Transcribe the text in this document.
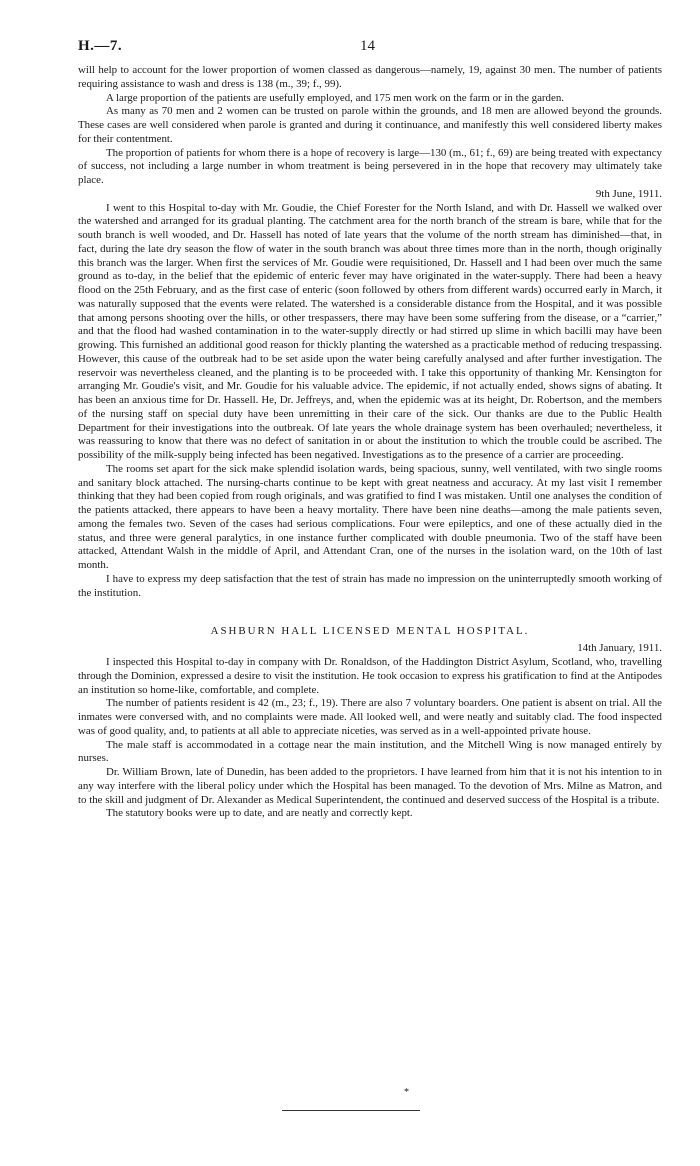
H.—7.	14

will help to account for the lower proportion of women classed as dangerous—namely, 19, against 30 men. The number of patients requiring assistance to wash and dress is 138 (m., 39; f., 99).

A large proportion of the patients are usefully employed, and 175 men work on the farm or in the garden.

As many as 70 men and 2 women can be trusted on parole within the grounds, and 18 men are allowed beyond the grounds. These cases are well considered when parole is granted and during it continuance, and manifestly this well considered liberty makes for their contentment.

The proportion of patients for whom there is a hope of recovery is large—130 (m., 61; f., 69) are being treated with expectancy of success, not including a large number in whom treatment is being persevered in in the hope that recovery may ultimately take place.

9th June, 1911.

I went to this Hospital to-day with Mr. Goudie, the Chief Forester for the North Island, and with Dr. Hassell we walked over the watershed and arranged for its gradual planting. The catchment area for the north branch of the stream is bare, while that for the south branch is well wooded, and Dr. Hassell has noted of late years that the volume of the north stream has diminished—that, in fact, during the late dry season the flow of water in the south branch was about three times more than in the north, though originally this branch was the larger. When first the services of Mr. Goudie were requisitioned, Dr. Hassell and I had been over much the same ground as to-day, in the belief that the epidemic of enteric fever may have originated in the water-supply. There had been a heavy flood on the 25th February, and as the first case of enteric (soon followed by others from different wards) occurred early in March, it was naturally supposed that the events were related. The watershed is a considerable distance from the Hospital, and it was possible that among persons shooting over the hills, or other trespassers, there may have been some suffering from the disease, or a “carrier,” and that the flood had washed contamination in to the water-supply directly or had stirred up slime in which bacilli may have been growing. This furnished an additional good reason for thickly planting the watershed as a practicable method of reducing trespassing. However, this cause of the outbreak had to be set aside upon the water being carefully analysed and after further investigation. The reservoir was nevertheless cleaned, and the planting is to be proceeded with. I take this opportunity of thanking Mr. Kensington for arranging Mr. Goudie's visit, and Mr. Goudie for his valuable advice. The epidemic, if not actually ended, shows signs of abating. It has been an anxious time for Dr. Hassell. He, Dr. Jeffreys, and, when the epidemic was at its height, Dr. Robertson, and the members of the nursing staff on special duty have been unremitting in their care of the sick. Our thanks are due to the Public Health Department for their investigations into the outbreak. Of late years the whole drainage system has been overhauled; nevertheless, it was reassuring to know that there was no defect of sanitation in or about the institution to which the trouble could be ascribed. The possibility of the milk-supply being infected has been negatived. Investigations as to the presence of a carrier are proceeding.

The rooms set apart for the sick make splendid isolation wards, being spacious, sunny, well ventilated, with two single rooms and sanitary block attached. The nursing-charts continue to be kept with great neatness and accuracy. At my last visit I remember thinking that they had been copied from rough originals, and was gratified to find I was mistaken. Until one analyses the condition of the patients attacked, there appears to have been a heavy mortality. There have been nine deaths—among the male patients seven, among the females two. Seven of the cases had serious complications. Four were epileptics, and one of these actually died in the status, and three were general paralytics, in one instance further complicated with double pneumonia. Two of the staff have been attacked, Attendant Walsh in the middle of April, and Attendant Cran, one of the nurses in the isolation ward, on the 10th of last month.

I have to express my deep satisfaction that the test of strain has made no impression on the uninterruptedly smooth working of the institution.

ASHBURN HALL LICENSED MENTAL HOSPITAL.
14th January, 1911.

I inspected this Hospital to-day in company with Dr. Ronaldson, of the Haddington District Asylum, Scotland, who, travelling through the Dominion, expressed a desire to visit the institution. He took occasion to express his gratification to find at the Antipodes an institution so home-like, comfortable, and complete.

The number of patients resident is 42 (m., 23; f., 19). There are also 7 voluntary boarders. One patient is absent on trial. All the inmates were conversed with, and no complaints were made. All looked well, and were neatly and suitably clad. The food inspected was of good quality, and, to patients at all able to appreciate niceties, was served as in a well-appointed private house.

The male staff is accommodated in a cottage near the main institution, and the Mitchell Wing is now managed entirely by nurses.

Dr. William Brown, late of Dunedin, has been added to the proprietors. I have learned from him that it is not his intention to in any way interfere with the liberal policy under which the Hospital has been managed. To the devotion of Mrs. Milne as Matron, and to the skill and judgment of Dr. Alexander as Medical Superintendent, the continued and deserved success of the Hospital is a tribute.

The statutory books were up to date, and are neatly and correctly kept.

*
